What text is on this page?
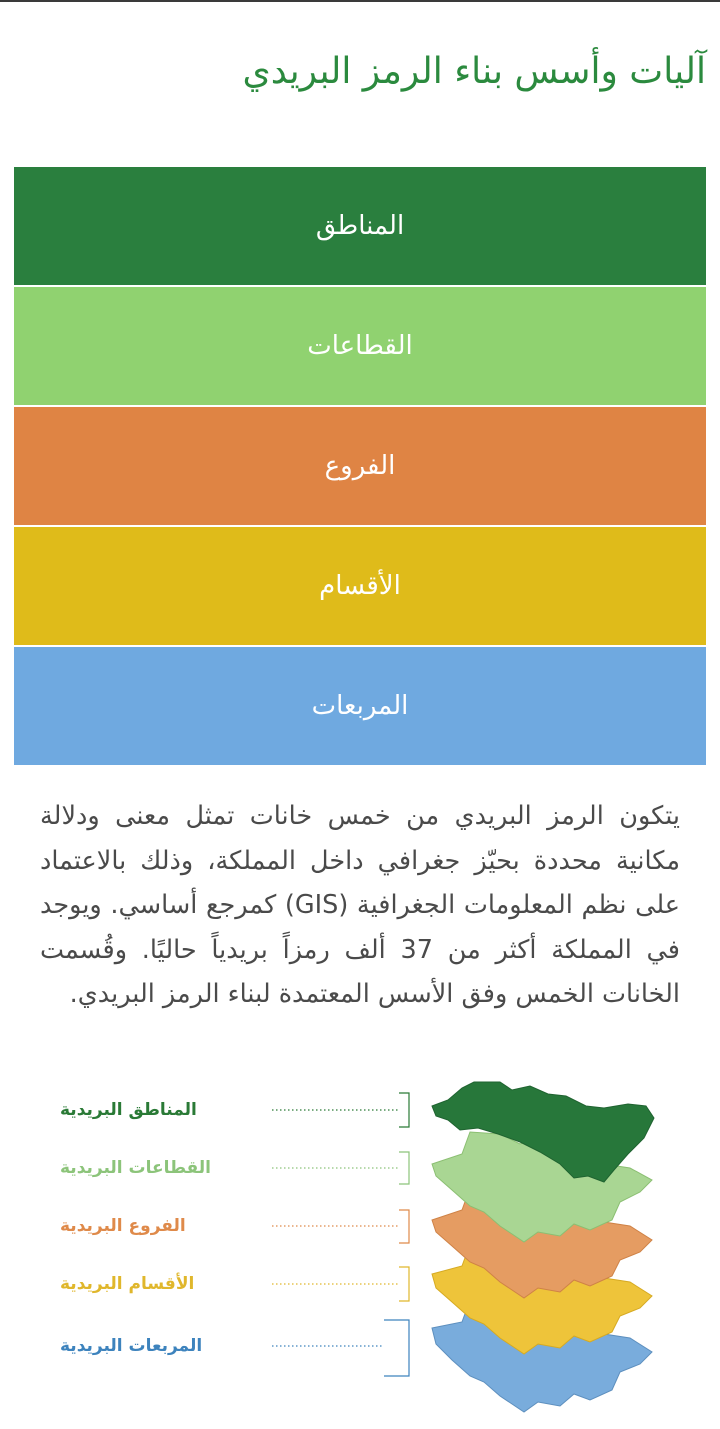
آليات وأسس بناء الرمز البريدي
المناطق
القطاعات
الفروع
الأقسام
المربعات

يتكون الرمز البريدي من خمس خانات تمثل معنى ودلالة مكانية محددة بحيّز جغرافي داخل المملكة، وذلك بالاعتماد على نظم المعلومات الجغرافية (GIS) كمرجع أساسي. ويوجد في المملكة أكثر من 37 ألف رمزاً بريدياً حاليًا. وقُسمت الخانات الخمس وفق الأسس المعتمدة لبناء الرمز البريدي.

المناطق البريدية
القطاعات البريدية
الفروع البريدية
الأقسام البريدية
المربعات البريدية
